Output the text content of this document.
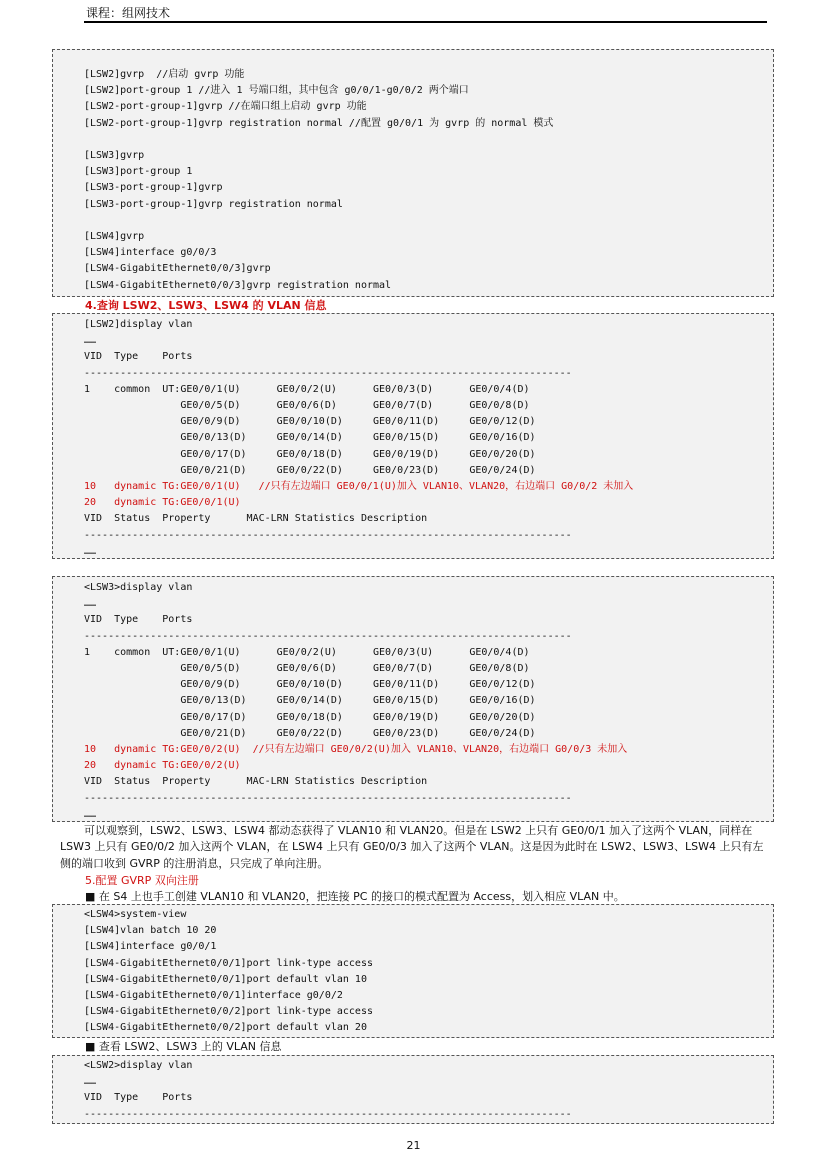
课程：组网技术
[LSW2]gvrp  //启动 gvrp 功能
[LSW2]port-group 1 //进入 1 号端口组，其中包含 g0/0/1-g0/0/2 两个端口
[LSW2-port-group-1]gvrp //在端口组上启动 gvrp 功能
[LSW2-port-group-1]gvrp registration normal //配置 g0/0/1 为 gvrp 的 normal 模式

[LSW3]gvrp
[LSW3]port-group 1
[LSW3-port-group-1]gvrp
[LSW3-port-group-1]gvrp registration normal

[LSW4]gvrp
[LSW4]interface g0/0/3
[LSW4-GigabitEthernet0/0/3]gvrp
[LSW4-GigabitEthernet0/0/3]gvrp registration normal
4.查询 LSW2、LSW3、LSW4 的 VLAN 信息
[LSW2]display vlan
……
VID  Type    Ports
---------------------------------------------------------------------------------
1    common  UT:GE0/0/1(U)      GE0/0/2(U)      GE0/0/3(D)      GE0/0/4(D)
GE0/0/5(D)      GE0/0/6(D)      GE0/0/7(D)      GE0/0/8(D)
GE0/0/9(D)      GE0/0/10(D)     GE0/0/11(D)     GE0/0/12(D)
GE0/0/13(D)     GE0/0/14(D)     GE0/0/15(D)     GE0/0/16(D)
GE0/0/17(D)     GE0/0/18(D)     GE0/0/19(D)     GE0/0/20(D)
GE0/0/21(D)     GE0/0/22(D)     GE0/0/23(D)     GE0/0/24(D)
10   dynamic TG:GE0/0/1(U)   //只有左边端口 GE0/0/1(U)加入 VLAN10、VLAN20，右边端口 G0/0/2 未加入
20   dynamic TG:GE0/0/1(U)
VID  Status  Property      MAC-LRN Statistics Description
---------------------------------------------------------------------------------
……
<LSW3>display vlan
……
VID  Type    Ports
---------------------------------------------------------------------------------
1    common  UT:GE0/0/1(U)      GE0/0/2(U)      GE0/0/3(U)      GE0/0/4(D)
GE0/0/5(D)      GE0/0/6(D)      GE0/0/7(D)      GE0/0/8(D)
GE0/0/9(D)      GE0/0/10(D)     GE0/0/11(D)     GE0/0/12(D)
GE0/0/13(D)     GE0/0/14(D)     GE0/0/15(D)     GE0/0/16(D)
GE0/0/17(D)     GE0/0/18(D)     GE0/0/19(D)     GE0/0/20(D)
GE0/0/21(D)     GE0/0/22(D)     GE0/0/23(D)     GE0/0/24(D)
10   dynamic TG:GE0/0/2(U)  //只有左边端口 GE0/0/2(U)加入 VLAN10、VLAN20，右边端口 G0/0/3 未加入
20   dynamic TG:GE0/0/2(U)
VID  Status  Property      MAC-LRN Statistics Description
---------------------------------------------------------------------------------
……
可以观察到，LSW2、LSW3、LSW4 都动态获得了 VLAN10 和 VLAN20。但是在 LSW2 上只有 GE0/0/1 加入了这两个 VLAN，同样在 LSW3 上只有 GE0/0/2 加入这两个 VLAN，在 LSW4 上只有 GE0/0/3 加入了这两个 VLAN。这是因为此时在 LSW2、LSW3、LSW4 上只有左侧的端口收到 GVRP 的注册消息，只完成了单向注册。
5.配置 GVRP 双向注册
■ 在 S4 上也手工创建 VLAN10 和 VLAN20，把连接 PC 的接口的模式配置为 Access，划入相应 VLAN 中。
<LSW4>system-view
[LSW4]vlan batch 10 20
[LSW4]interface g0/0/1
[LSW4-GigabitEthernet0/0/1]port link-type access
[LSW4-GigabitEthernet0/0/1]port default vlan 10
[LSW4-GigabitEthernet0/0/1]interface g0/0/2
[LSW4-GigabitEthernet0/0/2]port link-type access
[LSW4-GigabitEthernet0/0/2]port default vlan 20
■ 查看 LSW2、LSW3 上的 VLAN 信息
<LSW2>display vlan
……
VID  Type    Ports
---------------------------------------------------------------------------------
21
